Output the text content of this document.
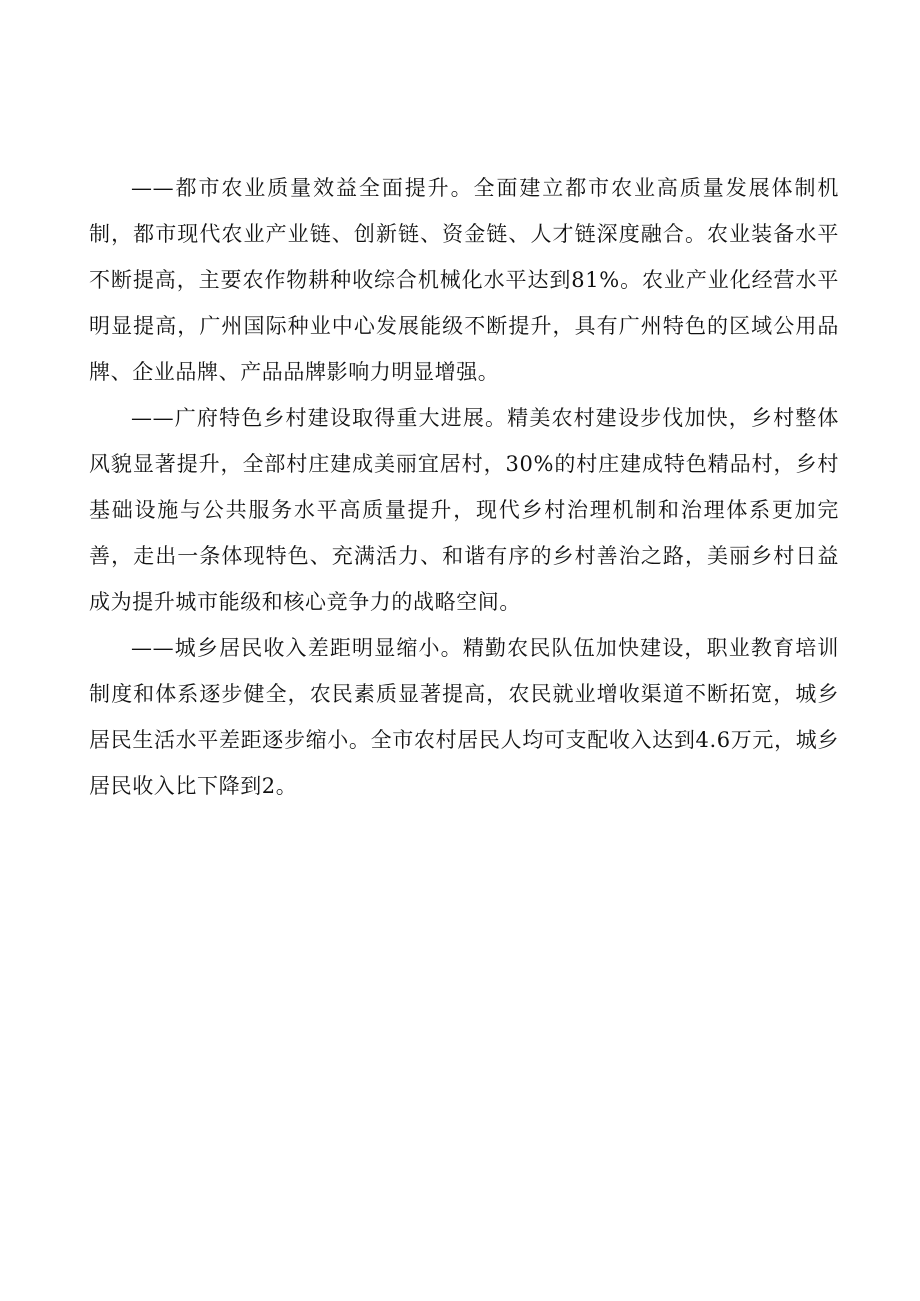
——都市农业质量效益全面提升。全面建立都市农业高质量发展体制机制，都市现代农业产业链、创新链、资金链、人才链深度融合。农业装备水平不断提高，主要农作物耕种收综合机械化水平达到81%。农业产业化经营水平明显提高，广州国际种业中心发展能级不断提升，具有广州特色的区域公用品牌、企业品牌、产品品牌影响力明显增强。

——广府特色乡村建设取得重大进展。精美农村建设步伐加快，乡村整体风貌显著提升，全部村庄建成美丽宜居村，30%的村庄建成特色精品村，乡村基础设施与公共服务水平高质量提升，现代乡村治理机制和治理体系更加完善，走出一条体现特色、充满活力、和谐有序的乡村善治之路，美丽乡村日益成为提升城市能级和核心竞争力的战略空间。

——城乡居民收入差距明显缩小。精勤农民队伍加快建设，职业教育培训制度和体系逐步健全，农民素质显著提高，农民就业增收渠道不断拓宽，城乡居民生活水平差距逐步缩小。全市农村居民人均可支配收入达到4.6万元，城乡居民收入比下降到2。
